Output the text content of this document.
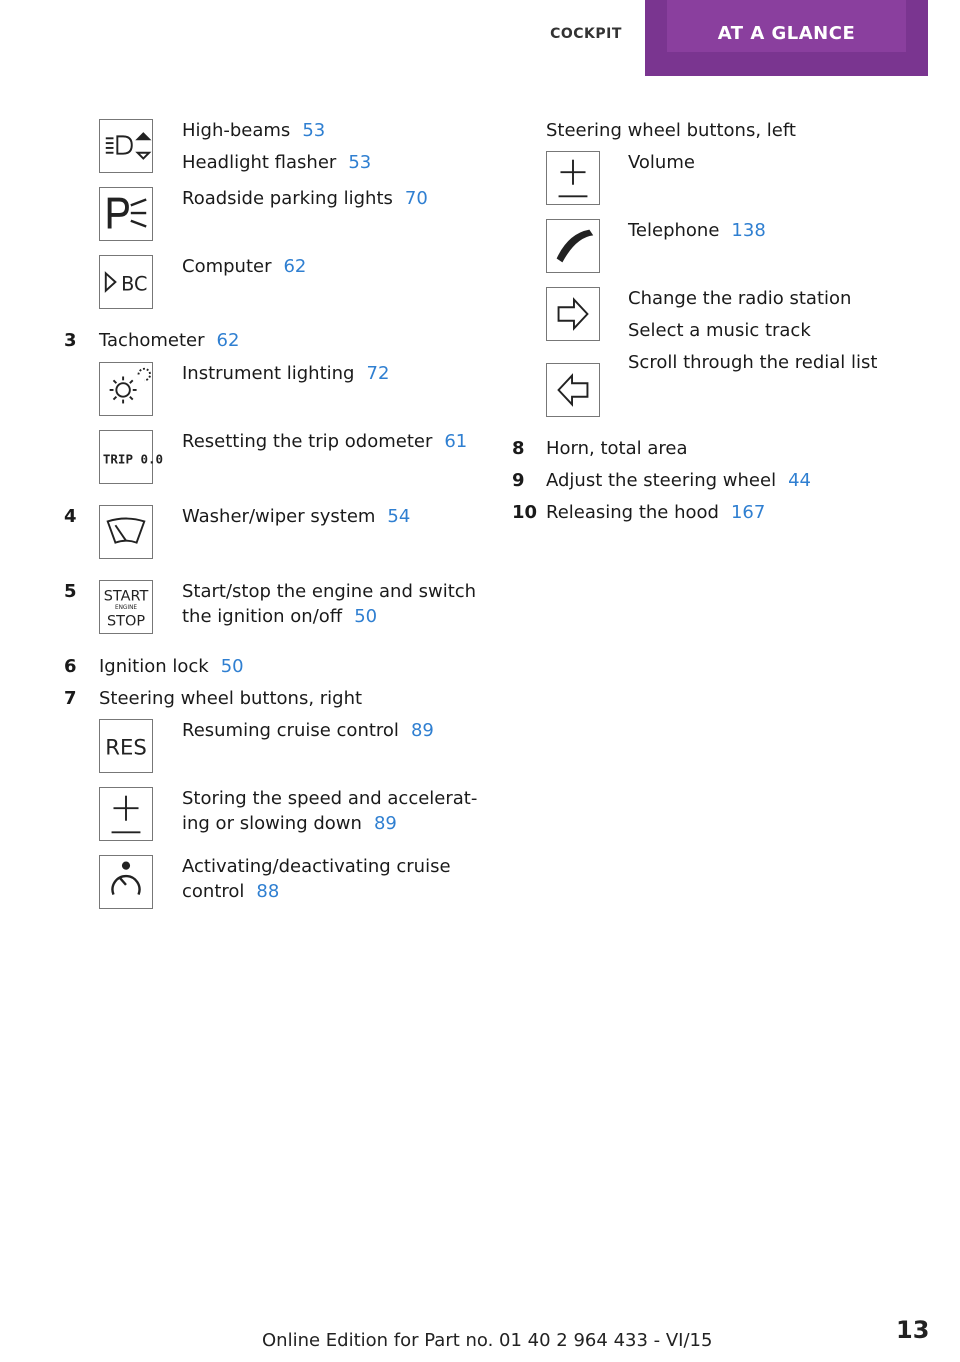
COCKPIT	AT A GLANCE
High-beams 53
Headlight flasher 53
Roadside parking lights 70
BC
Computer 62
3 Tachometer 62
Instrument lighting 72
TRIP 0.0
Resetting the trip odometer 61
4	Washer/wiper system 54
5 START
ENGINE
STOP
Start/stop the engine and switch
the ignition on/off 50
6 Ignition lock 50
7 Steering wheel buttons, right
RES
Resuming cruise control 89
Storing the speed and accelerat-
ing or slowing down 89
Activating/deactivating cruise
control 88
Steering wheel buttons, left
Volume
Telephone 138
Change the radio station
Select a music track
Scroll through the redial list
8 Horn, total area
9 Adjust the steering wheel 44
10 Releasing the hood 167
Online Edition for Part no. 01 40 2 964 433 - VI/15	13
